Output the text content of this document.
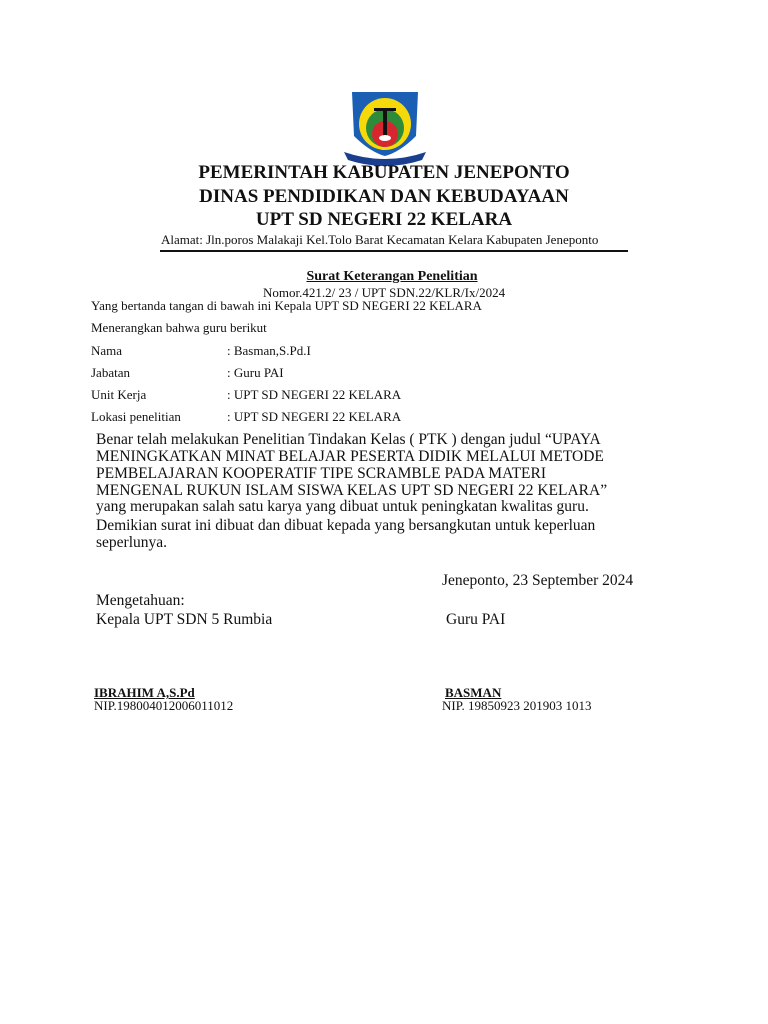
PEMERINTAH KABUPATEN JENEPONTO
DINAS PENDIDIKAN DAN KEBUDAYAAN
UPT SD NEGERI 22 KELARA
Alamat: Jln.poros Malakaji Kel.Tolo Barat Kecamatan Kelara Kabupaten Jeneponto
Surat Keterangan Penelitian
Nomor.421.2/ 23 / UPT SDN.22/KLR/Ix/2024
Yang bertanda tangan di bawah ini Kepala UPT SD NEGERI 22 KELARA
Menerangkan bahwa guru berikut
Nama	: Basman,S.Pd.I
Jabatan	: Guru PAI
Unit Kerja	: UPT SD NEGERI 22 KELARA
Lokasi penelitian	: UPT SD NEGERI 22 KELARA
Benar telah melakukan Penelitian Tindakan Kelas ( PTK ) dengan judul “UPAYA
MENINGKATKAN MINAT BELAJAR PESERTA DIDIK MELALUI METODE
PEMBELAJARAN KOOPERATIF TIPE SCRAMBLE PADA MATERI
MENGENAL RUKUN ISLAM SISWA KELAS UPT SD NEGERI 22 KELARA”
yang merupakan salah satu karya yang dibuat untuk peningkatan kwalitas guru.
Demikian surat ini dibuat dan dibuat kepada yang bersangkutan untuk keperluan
seperlunya.
Jeneponto, 23 September 2024
Mengetahuan:
Kepala UPT SDN 5 Rumbia	Guru PAI
IBRAHIM A,S.Pd
NIP.198004012006011012
BASMAN
NIP. 19850923 201903 1013
